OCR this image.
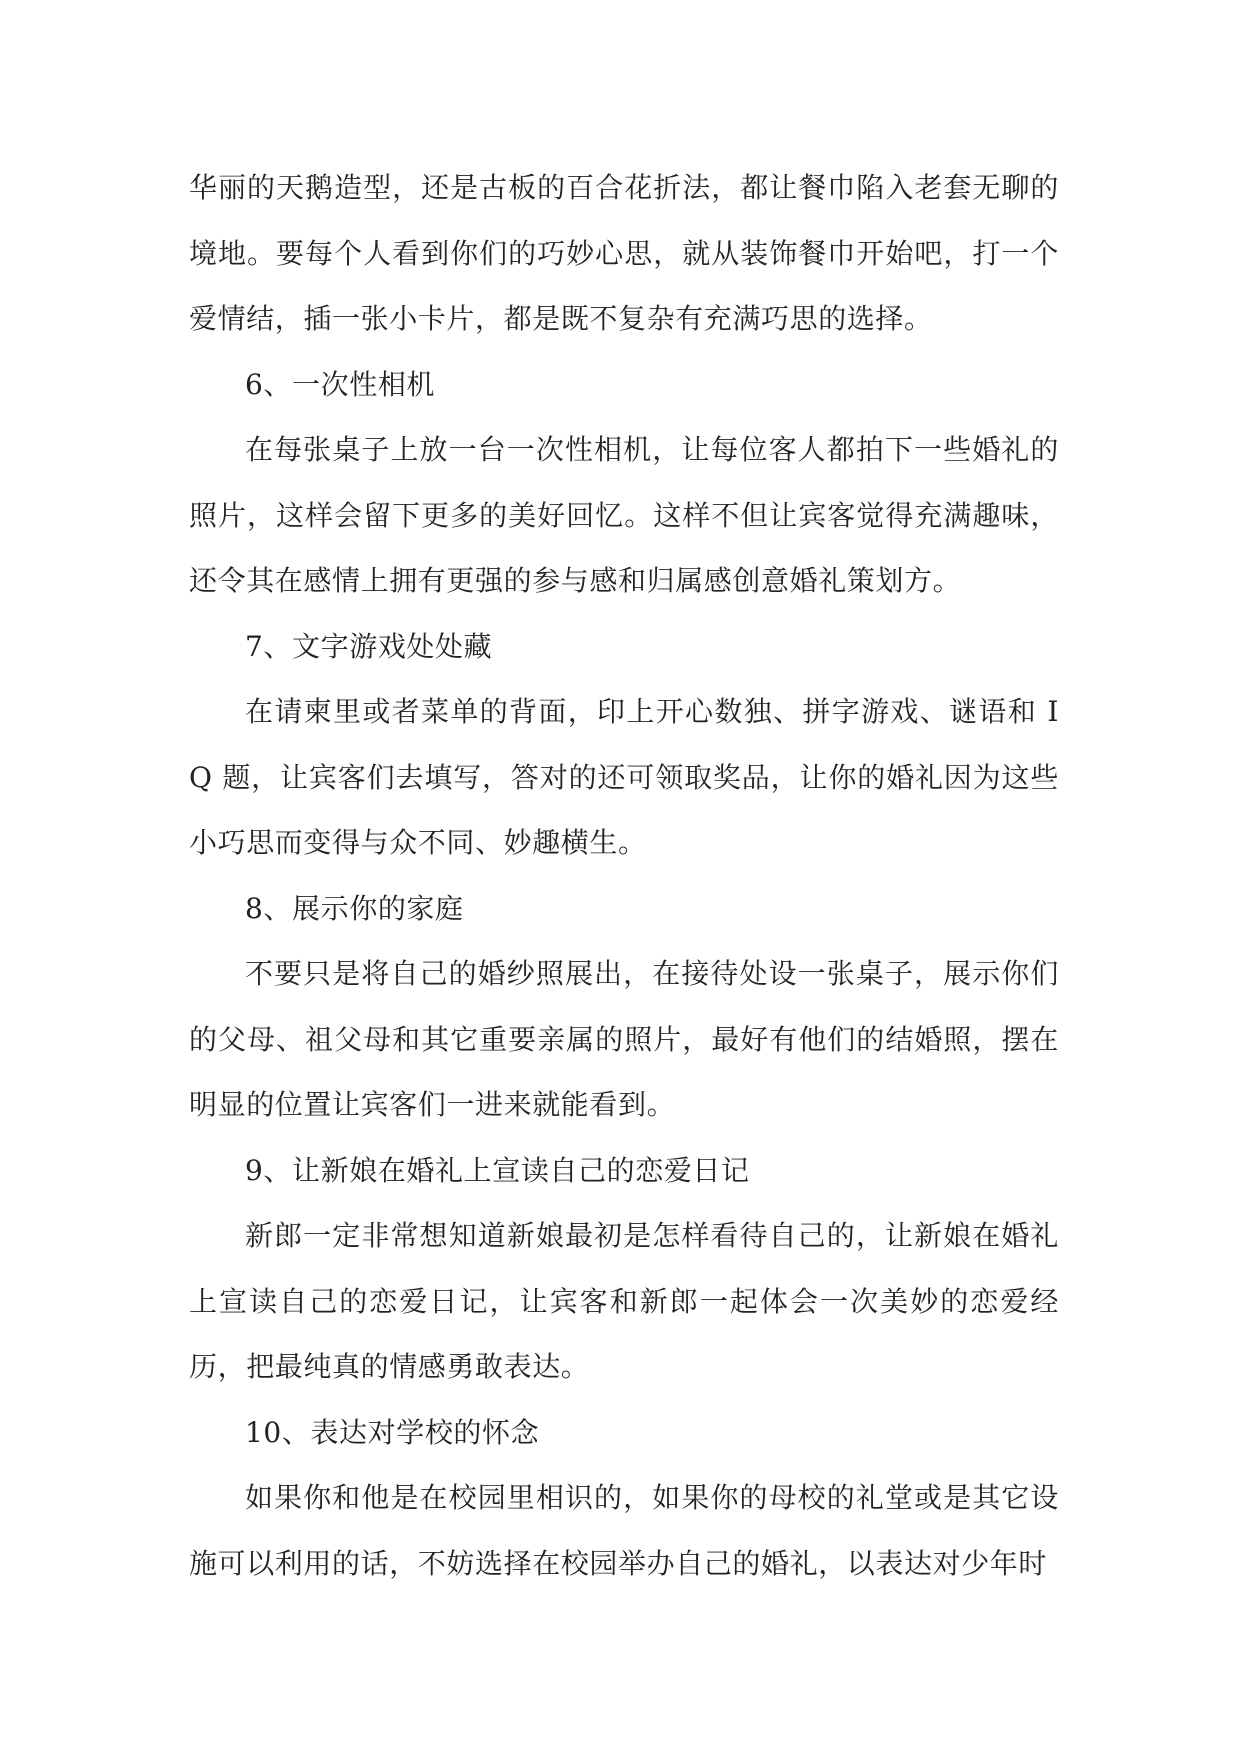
华丽的天鹅造型，还是古板的百合花折法，都让餐巾陷入老套无聊的境地。要每个人看到你们的巧妙心思，就从装饰餐巾开始吧，打一个爱情结，插一张小卡片，都是既不复杂有充满巧思的选择。

6、一次性相机

在每张桌子上放一台一次性相机，让每位客人都拍下一些婚礼的照片，这样会留下更多的美好回忆。这样不但让宾客觉得充满趣味，还令其在感情上拥有更强的参与感和归属感创意婚礼策划方。

7、文字游戏处处藏

在请柬里或者菜单的背面，印上开心数独、拼字游戏、谜语和 IQ 题，让宾客们去填写，答对的还可领取奖品，让你的婚礼因为这些小巧思而变得与众不同、妙趣横生。

8、展示你的家庭

不要只是将自己的婚纱照展出，在接待处设一张桌子，展示你们的父母、祖父母和其它重要亲属的照片，最好有他们的结婚照，摆在明显的位置让宾客们一进来就能看到。

9、让新娘在婚礼上宣读自己的恋爱日记

新郎一定非常想知道新娘最初是怎样看待自己的，让新娘在婚礼上宣读自己的恋爱日记，让宾客和新郎一起体会一次美妙的恋爱经历，把最纯真的情感勇敢表达。

10、表达对学校的怀念

如果你和他是在校园里相识的，如果你的母校的礼堂或是其它设施可以利用的话，不妨选择在校园举办自己的婚礼，以表达对少年时
